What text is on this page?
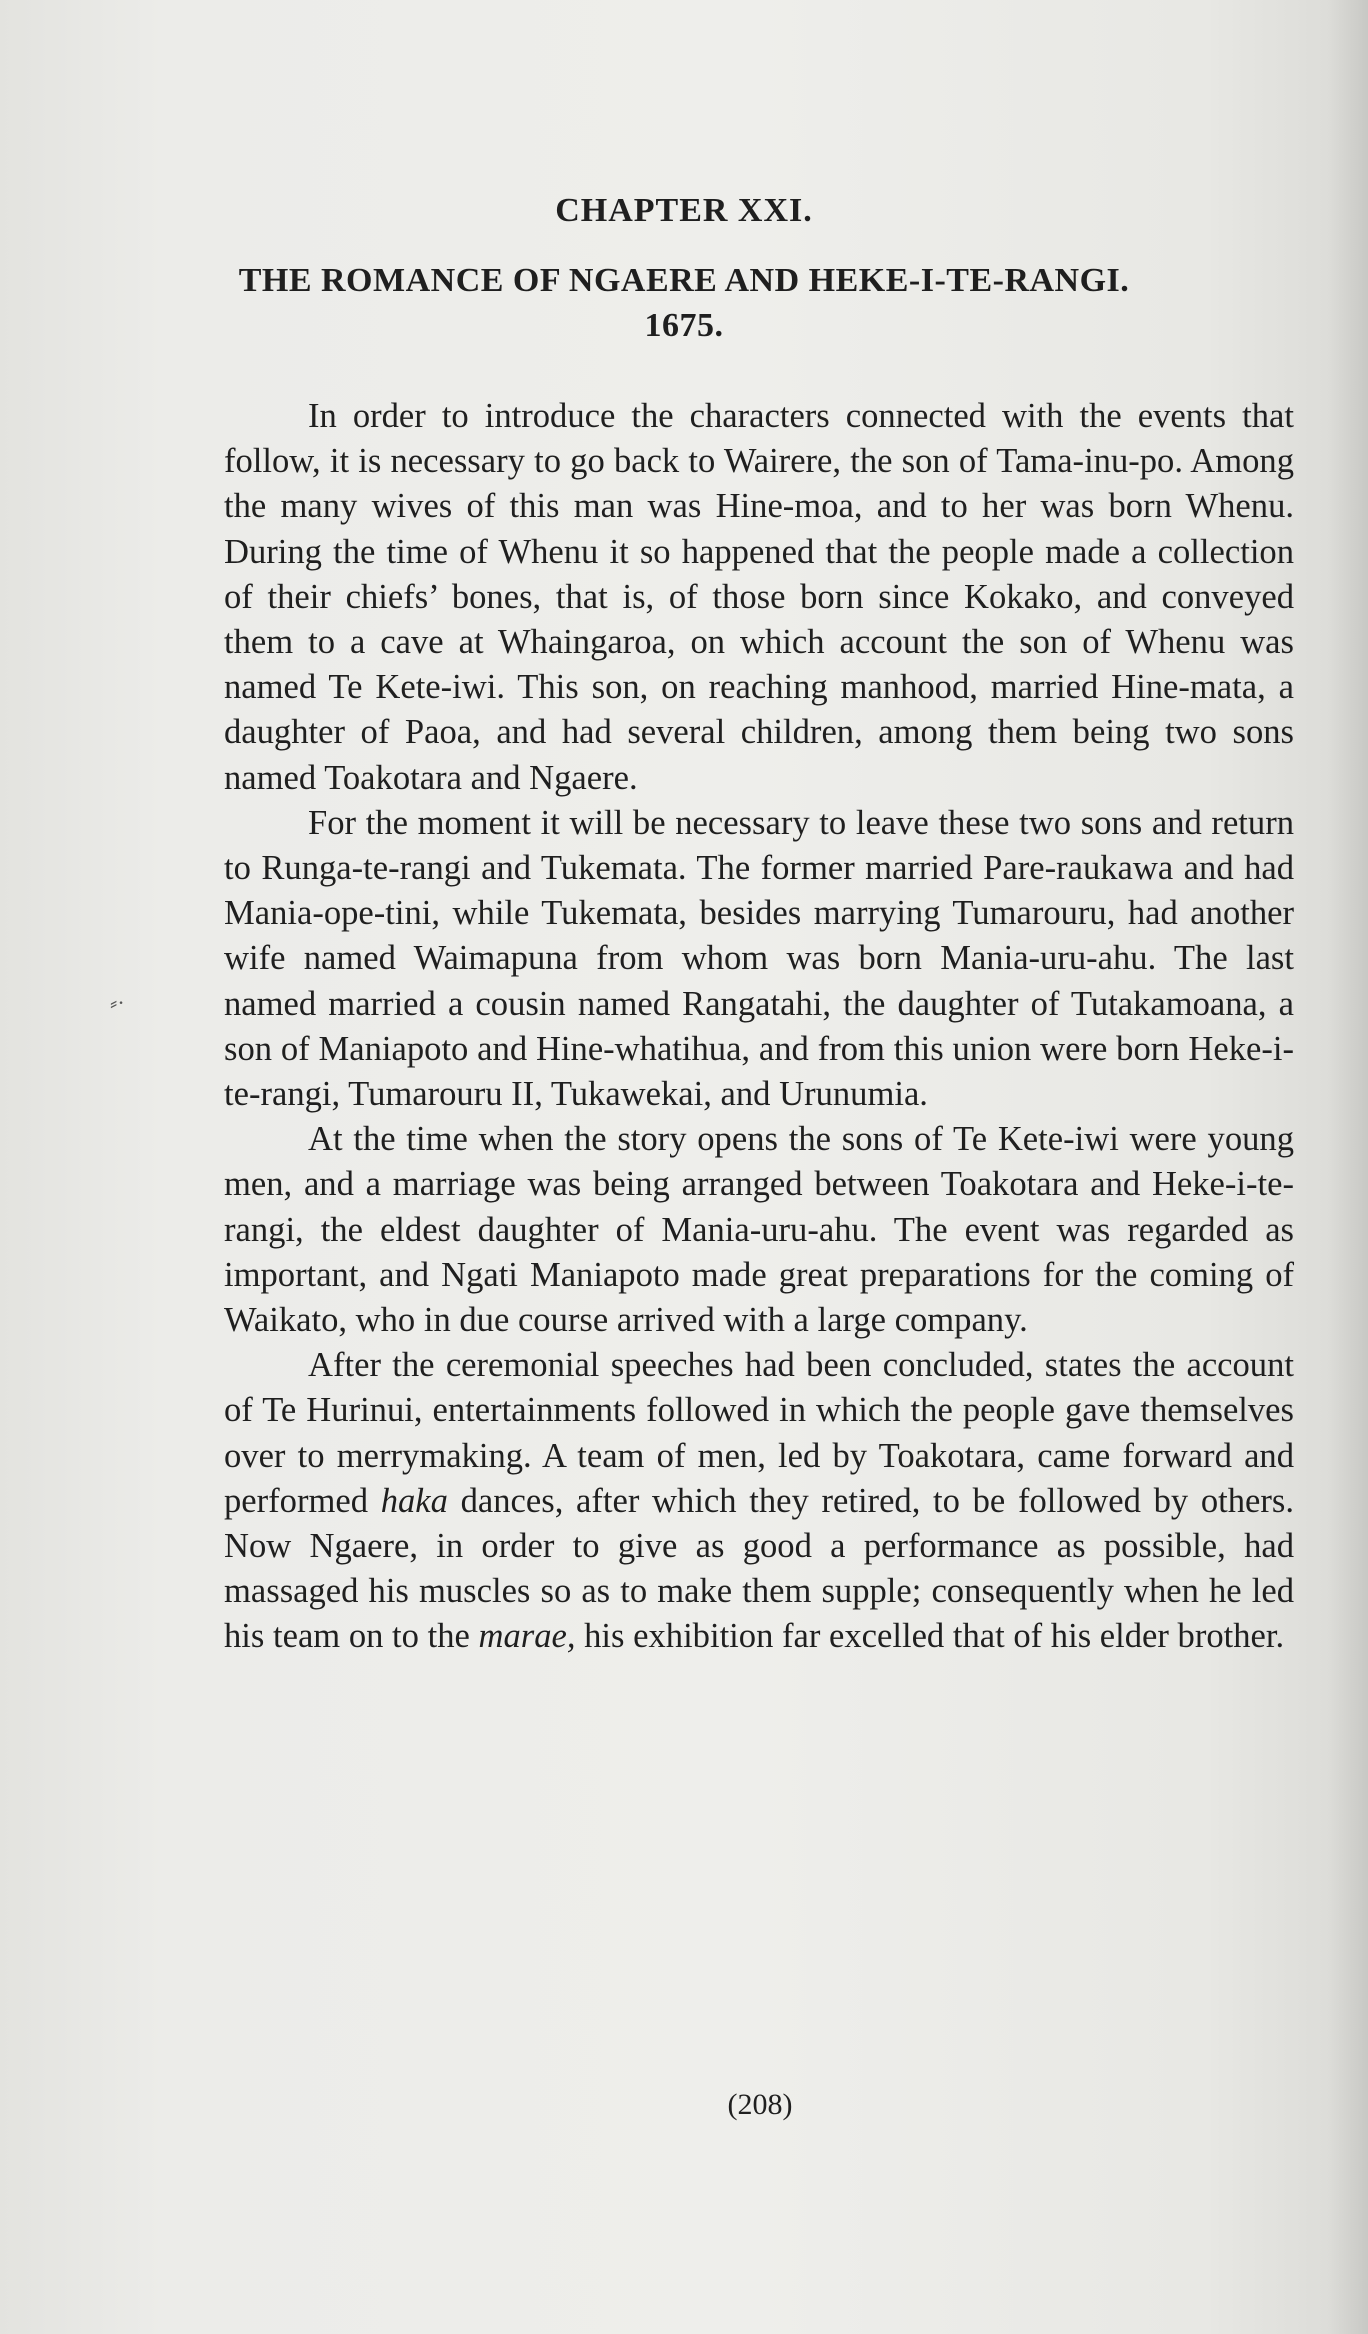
⸗·
CHAPTER XXI.
THE ROMANCE OF NGAERE AND HEKE-I-TE-RANGI.
1675.

In order to introduce the characters connected with the events that follow, it is necessary to go back to Wairere, the son of Tama-inu-po. Among the many wives of this man was Hine-moa, and to her was born Whenu. During the time of Whenu it so happened that the people made a collection of their chiefs’ bones, that is, of those born since Kokako, and conveyed them to a cave at Whaingaroa, on which account the son of Whenu was named Te Kete-iwi. This son, on reaching manhood, married Hine-mata, a daughter of Paoa, and had several children, among them being two sons named Toakotara and Ngaere.

For the moment it will be necessary to leave these two sons and return to Runga-te-rangi and Tukemata. The former married Pare-raukawa and had Mania-ope-tini, while Tukemata, besides marrying Tumarouru, had another wife named Waimapuna from whom was born Mania-uru-ahu. The last named married a cousin named Rangatahi, the daughter of Tutakamoana, a son of Maniapoto and Hine-whatihua, and from this union were born Heke-i-te-rangi, Tumarouru II, Tukawekai, and Urunumia.

At the time when the story opens the sons of Te Kete-iwi were young men, and a marriage was being arranged between Toakotara and Heke-i-te-rangi, the eldest daughter of Mania-uru-ahu. The event was regarded as important, and Ngati Maniapoto made great preparations for the coming of Waikato, who in due course arrived with a large company.

After the ceremonial speeches had been concluded, states the account of Te Hurinui, entertainments followed in which the people gave themselves over to merrymaking. A team of men, led by Toakotara, came forward and performed haka dances, after which they retired, to be followed by others. Now Ngaere, in order to give as good a performance as possible, had massaged his muscles so as to make them supple; consequently when he led his team on to the marae, his exhibition far excelled that of his elder brother.

(208)
